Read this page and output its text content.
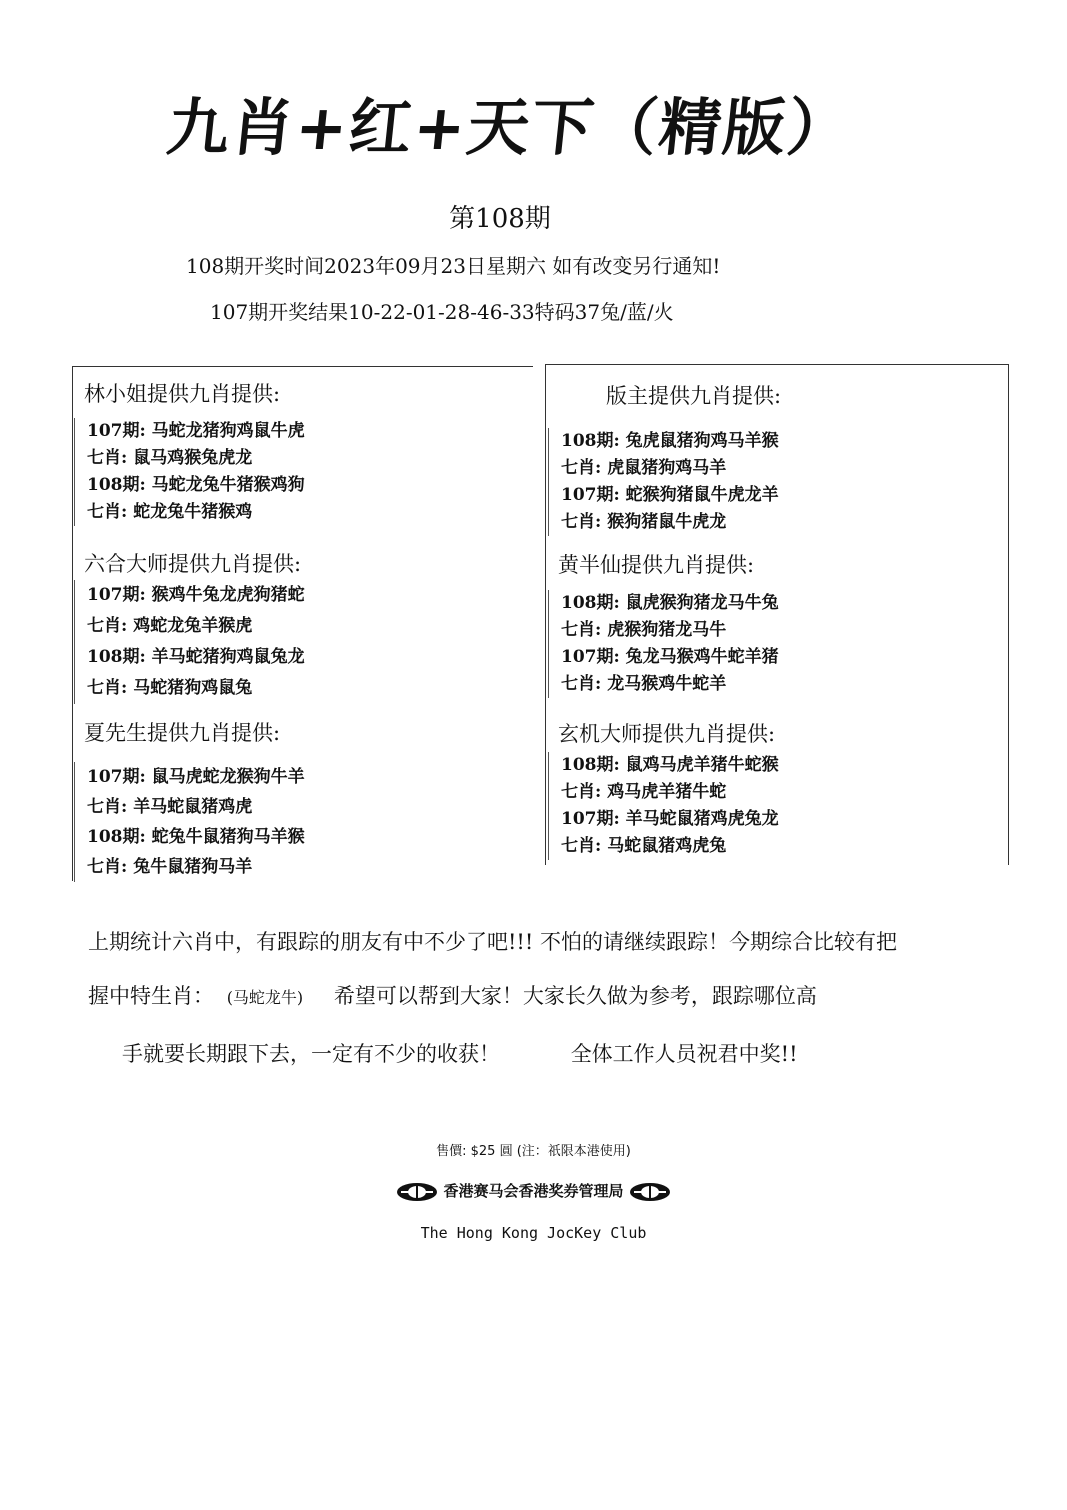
九肖+红+天下（精版）
第108期
108期开奖时间2023年09月23日星期六 如有改变另行通知!
107期开奖结果10-22-01-28-46-33特码37兔/蓝/火
林小姐提供九肖提供:
107期: 马蛇龙猪狗鸡鼠牛虎
七肖: 鼠马鸡猴兔虎龙
108期: 马蛇龙兔牛猪猴鸡狗
七肖: 蛇龙兔牛猪猴鸡
六合大师提供九肖提供:
107期: 猴鸡牛兔龙虎狗猪蛇
七肖: 鸡蛇龙兔羊猴虎
108期: 羊马蛇猪狗鸡鼠兔龙
七肖: 马蛇猪狗鸡鼠兔
夏先生提供九肖提供:
107期: 鼠马虎蛇龙猴狗牛羊
七肖: 羊马蛇鼠猪鸡虎
108期: 蛇兔牛鼠猪狗马羊猴
七肖: 兔牛鼠猪狗马羊
版主提供九肖提供:
108期: 兔虎鼠猪狗鸡马羊猴
七肖: 虎鼠猪狗鸡马羊
107期: 蛇猴狗猪鼠牛虎龙羊
七肖: 猴狗猪鼠牛虎龙
黄半仙提供九肖提供:
108期: 鼠虎猴狗猪龙马牛兔
七肖: 虎猴狗猪龙马牛
107期: 兔龙马猴鸡牛蛇羊猪
七肖: 龙马猴鸡牛蛇羊
玄机大师提供九肖提供:
108期: 鼠鸡马虎羊猪牛蛇猴
七肖: 鸡马虎羊猪牛蛇
107期: 羊马蛇鼠猪鸡虎兔龙
七肖: 马蛇鼠猪鸡虎兔
上期统计六肖中，有跟踪的朋友有中不少了吧!!! 不怕的请继续跟踪！今期综合比较有把
握中特生肖： (马蛇龙牛) 希望可以帮到大家！大家长久做为参考，跟踪哪位高
手就要长期跟下去，一定有不少的收获！	全体工作人员祝君中奖!!
售價: $25 圓 (注：祇限本港使用)
香港赛马会香港奖券管理局
The Hong Kong JocKey Club
